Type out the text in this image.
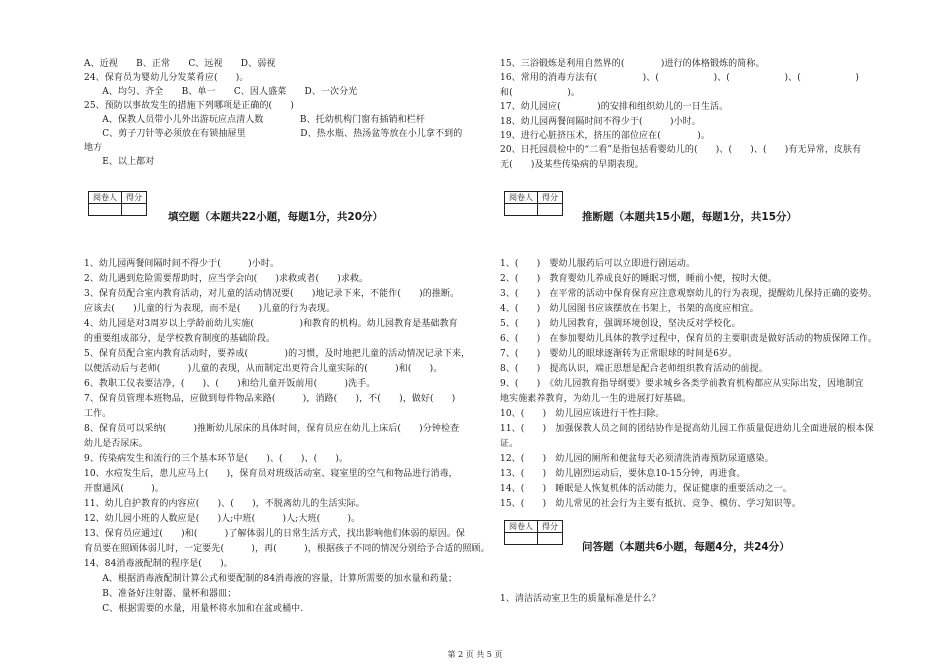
A、近视　　B、正常　　C、远视　　D、弱视
24、保育员为婴幼儿分发菜肴应(　　)。
　　A、均匀、齐全　　B、单一　　C、因人盛菜　　D、一次分光
25、预防以事故发生的措施下列哪项是正确的(　　)
　　A、保教人员带小儿外出游玩应点清人数　　　　B、托幼机构门窗有插销和栏杆
　　C、剪子刀针等必须放在有锁抽屉里　　　　　　D、热水瓶、热汤盆等放在小儿拿不到的
地方
　　E、以上都对
阅卷人	得分

填空题（本题共22小题，每题1分，共20分）
1、幼儿园两餐间隔时间不得少于(　　　)小时。
2、幼儿遇到危险需要帮助时，应当学会向(　　)求救或者(　　)求救。
3、保育员配合室内教育活动，对儿童的活动情况要(　　)地记录下来，不能作(　　)的推断。
应该去(　　)儿童的行为表现，而不是(　　)儿童的行为表现。
4、幼儿园是对3周岁以上学龄前幼儿实施(　　　　　)和教育的机构。幼儿园教育是基础教育
的重要组成部分，是学校教育制度的基础阶段。
5、保育员配合室内教育活动时，要养成(　　　　)的习惯，及时地把儿童的活动情况记录下来，
以便活动后与老师(　　　)儿童的表现，从而制定出更符合儿童实际的(　　　)和(　　)。
6、教职工仪表要洁净，(　　)、(　　)和给儿童开饭前用(　　　)洗手。
7、保育员管理本班物品，应做到每件物品来路(　　　)，消路(　　)，不(　　)，做好(　　)
工作。
8、保育员可以采纳(　　　)推断幼儿尿床的具体时间，保育员应在幼儿上床后(　　)分钟检查
幼儿是否尿床。
9、传染病发生和流行的三个基本环节是(　　)、(　　)、(　　)。
10、水痘发生后，患儿应马上(　　)，保育员对班级活动室、寝室里的空气和物品进行消毒，
开窗通风(　　　)。
11、幼儿自护教育的内容应(　　)、(　　)，不脱离幼儿的生活实际。
12、幼儿园小班的人数应是(　　)人;中班(　　　)人;大班(　　　)。
13、保育员应通过(　　)和(　　　)了解体弱儿的日常生活方式，找出影响他们体弱的原因。保
育员要在照顾体弱儿时，一定要先(　　　)，再(　　　)，根据孩子不同的情况分别给予合适的照顾。
14、84消毒液配制的程序是(　　)。
　　A、根据消毒液配制计算公式和要配制的84消毒液的容量，计算所需要的加水量和药量；
　　B、准备好注射器、量杯和器皿；
　　C、根据需要的水量，用量杯将水加和在盆或桶中.
15、三浴锻炼是利用自然界的(　　　　)进行的体格锻炼的简称。
16、常用的消毒方法有(　　　　　)、(　　　　　　)、(　　　　　　)、(　　　　　　)
和(　　　　　　)。
17、幼儿园应(　　　　)的安排和组织幼儿的一日生活。
18、幼儿园两餐间隔时间不得少于(　　　)小时。
19、进行心脏挤压术，挤压的部位应在(　　　　)。
20、日托园晨检中的“二看”是指包括看婴幼儿的(　　)、(　　)、(　　)有无异常，皮肤有
无(　　)及某些传染病的早期表现。
阅卷人	得分

推断题（本题共15小题，每题1分，共15分）
1、(　　)　婴幼儿服药后可以立即进行剧运动。
2、(　　)　教育婴幼儿养成良好的睡眠习惯，睡前小便，按时大便。
3、(　　)　在平常的活动中保育保育应注意观察幼儿的行为表现，提醒幼儿保持正确的姿势。
4、(　　)　幼儿园图书应该摆放在书架上，书架的高度应相宜。
5、(　　)　幼儿园教育，强调环境创设，坚决反对学校化。
6、(　　)　在参加婴幼儿具体的教学过程中，保育员的主要职责是做好活动的物质保障工作。
7、(　　)　婴幼儿的眼球逐渐转为正常眼球的时间是6岁。
8、(　　)　提高认识，端正思想是配合老师组织教育活动的前提。
9、(　　)　《幼儿园教育指导纲要》要求城乡各类学前教育机构都应从实际出发，因地制宜
地实施素养教育，为幼儿一生的进展打好基础。
10、(　　)　幼儿园应该进行干性扫除。
11、(　　)　加强保教人员之间的团结协作是提高幼儿园工作质量促进幼儿全面进展的根本保
证。
12、(　　)　幼儿园的厕所和便盆每天必须清洗消毒预防尿道感染。
13、(　　)　幼儿剧烈运动后，要休息10-15分钟，再进食。
14、(　　)　睡眠是人恢复机体的活动能力，保证健康的重要活动之一。
15、(　　)　幼儿常见的社会行为主要有抵抗、竞争、模仿、学习知识等。
阅卷人	得分

问答题（本题共6小题，每题4分，共24分）
1、清洁活动室卫生的质量标准是什么？
第 2 页 共 5 页
